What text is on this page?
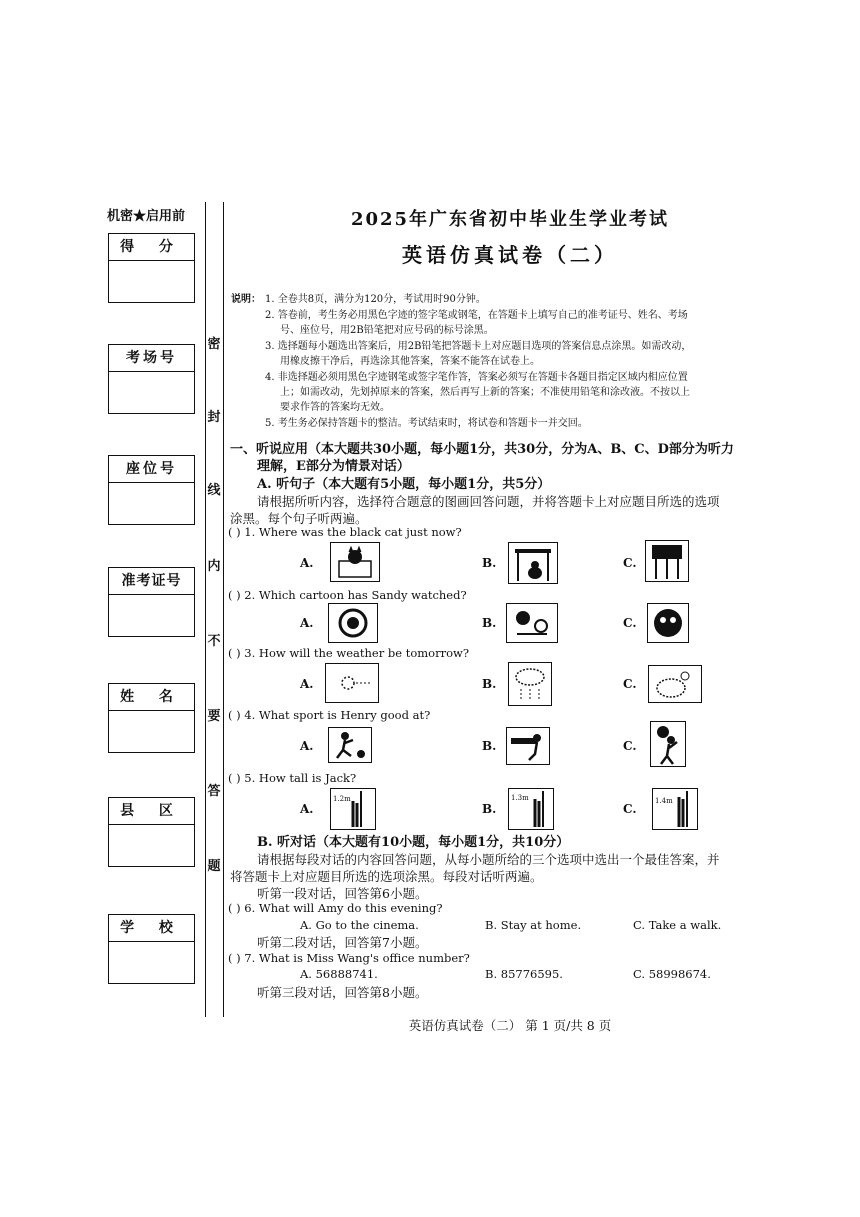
机密★启用前
得 分
考场号
座位号
准考证号
姓 名
县 区
学 校
密
封
线
内
不
要
答
题
2025年广东省初中毕业生学业考试
英语仿真试卷（二）
说明： 1. 全卷共8页，满分为120分，考试用时90分钟。
2. 答卷前，考生务必用黑色字迹的签字笔或钢笔，在答题卡上填写自己的准考证号、姓名、考场
号、座位号，用2B铅笔把对应号码的标号涂黑。
3. 选择题每小题选出答案后，用2B铅笔把答题卡上对应题目选项的答案信息点涂黑。如需改动，
用橡皮擦干净后，再选涂其他答案，答案不能答在试卷上。
4. 非选择题必须用黑色字迹钢笔或签字笔作答，答案必须写在答题卡各题目指定区域内相应位置
上；如需改动，先划掉原来的答案，然后再写上新的答案；不准使用铅笔和涂改液。不按以上
要求作答的答案均无效。
5. 考生务必保持答题卡的整洁。考试结束时，将试卷和答题卡一并交回。
一、听说应用（本大题共30小题，每小题1分，共30分，分为A、B、C、D部分为听力
理解，E部分为情景对话）
A. 听句子（本大题有5小题，每小题1分，共5分）
请根据所听内容，选择符合题意的图画回答问题，并将答题卡上对应题目所选的选项
涂黑。每个句子听两遍。
( ) 1. Where was the black cat just now?
A.	B.	C.
( ) 2. Which cartoon has Sandy watched?
A.	B.	C.
( ) 3. How will the weather be tomorrow?
A.	B.	C.
( ) 4. What sport is Henry good at?
A.	B.	C.
( ) 5. How tall is Jack?
A.
1.2m
B.
1.3m
C.
1.4m
B. 听对话（本大题有10小题，每小题1分，共10分）
请根据每段对话的内容回答问题，从每小题所给的三个选项中选出一个最佳答案，并
将答题卡上对应题目所选的选项涂黑。每段对话听两遍。
听第一段对话，回答第6小题。
( ) 6. What will Amy do this evening?
A. Go to the cinema.	B. Stay at home.	C. Take a walk.
听第二段对话，回答第7小题。
( ) 7. What is Miss Wang's office number?
A. 56888741.	B. 85776595.	C. 58998674.
听第三段对话，回答第8小题。
英语仿真试卷（二） 第 1 页/共 8 页
